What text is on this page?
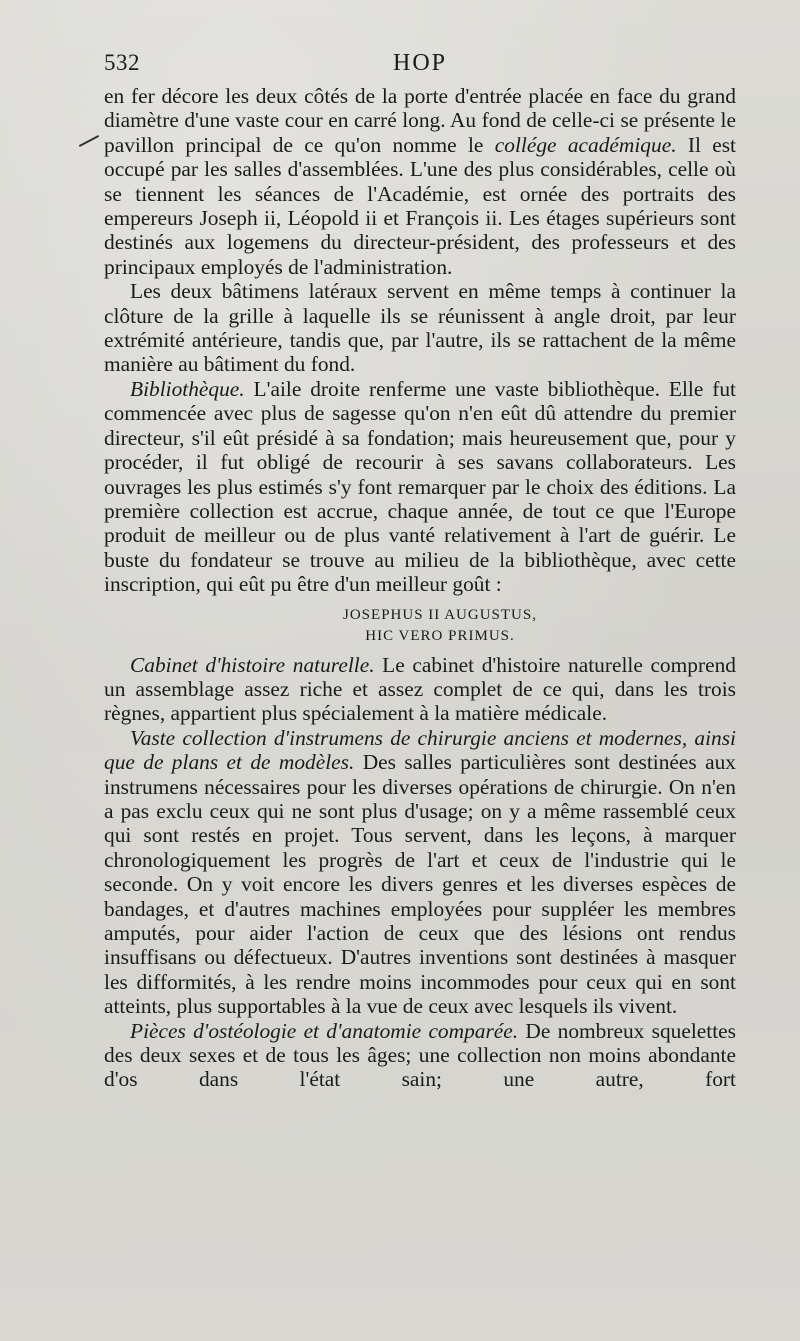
532	HOP

en fer décore les deux côtés de la porte d'entrée placée en face du grand diamètre d'une vaste cour en carré long. Au fond de celle-ci se présente le pavillon principal de ce qu'on nomme le collége académique. Il est occupé par les salles d'assemblées. L'une des plus considérables, celle où se tiennent les séances de l'Académie, est ornée des portraits des empereurs Joseph ii, Léopold ii et François ii. Les étages supérieurs sont destinés aux logemens du directeur-président, des professeurs et des principaux employés de l'administration.

Les deux bâtimens latéraux servent en même temps à continuer la clôture de la grille à laquelle ils se réunissent à angle droit, par leur extrémité antérieure, tandis que, par l'autre, ils se rattachent de la même manière au bâtiment du fond.

Bibliothèque. L'aile droite renferme une vaste bibliothèque. Elle fut commencée avec plus de sagesse qu'on n'en eût dû attendre du premier directeur, s'il eût présidé à sa fondation; mais heureusement que, pour y procéder, il fut obligé de recourir à ses savans collaborateurs. Les ouvrages les plus estimés s'y font remarquer par le choix des éditions. La première collection est accrue, chaque année, de tout ce que l'Europe produit de meilleur ou de plus vanté relativement à l'art de guérir. Le buste du fondateur se trouve au milieu de la bibliothèque, avec cette inscription, qui eût pu être d'un meilleur goût :

JOSEPHUS II AUGUSTUS,
HIC VERO PRIMUS.

Cabinet d'histoire naturelle. Le cabinet d'histoire naturelle comprend un assemblage assez riche et assez complet de ce qui, dans les trois règnes, appartient plus spécialement à la matière médicale.

Vaste collection d'instrumens de chirurgie anciens et modernes, ainsi que de plans et de modèles. Des salles particulières sont destinées aux instrumens nécessaires pour les diverses opérations de chirurgie. On n'en a pas exclu ceux qui ne sont plus d'usage; on y a même rassemblé ceux qui sont restés en projet. Tous servent, dans les leçons, à marquer chronologiquement les progrès de l'art et ceux de l'industrie qui le seconde. On y voit encore les divers genres et les diverses espèces de bandages, et d'autres machines employées pour suppléer les membres amputés, pour aider l'action de ceux que des lésions ont rendus insuffisans ou défectueux. D'autres inventions sont destinées à masquer les difformités, à les rendre moins incommodes pour ceux qui en sont atteints, plus supportables à la vue de ceux avec lesquels ils vivent.

Pièces d'ostéologie et d'anatomie comparée. De nombreux squelettes des deux sexes et de tous les âges; une collection non moins abondante d'os dans l'état sain; une autre, fort
